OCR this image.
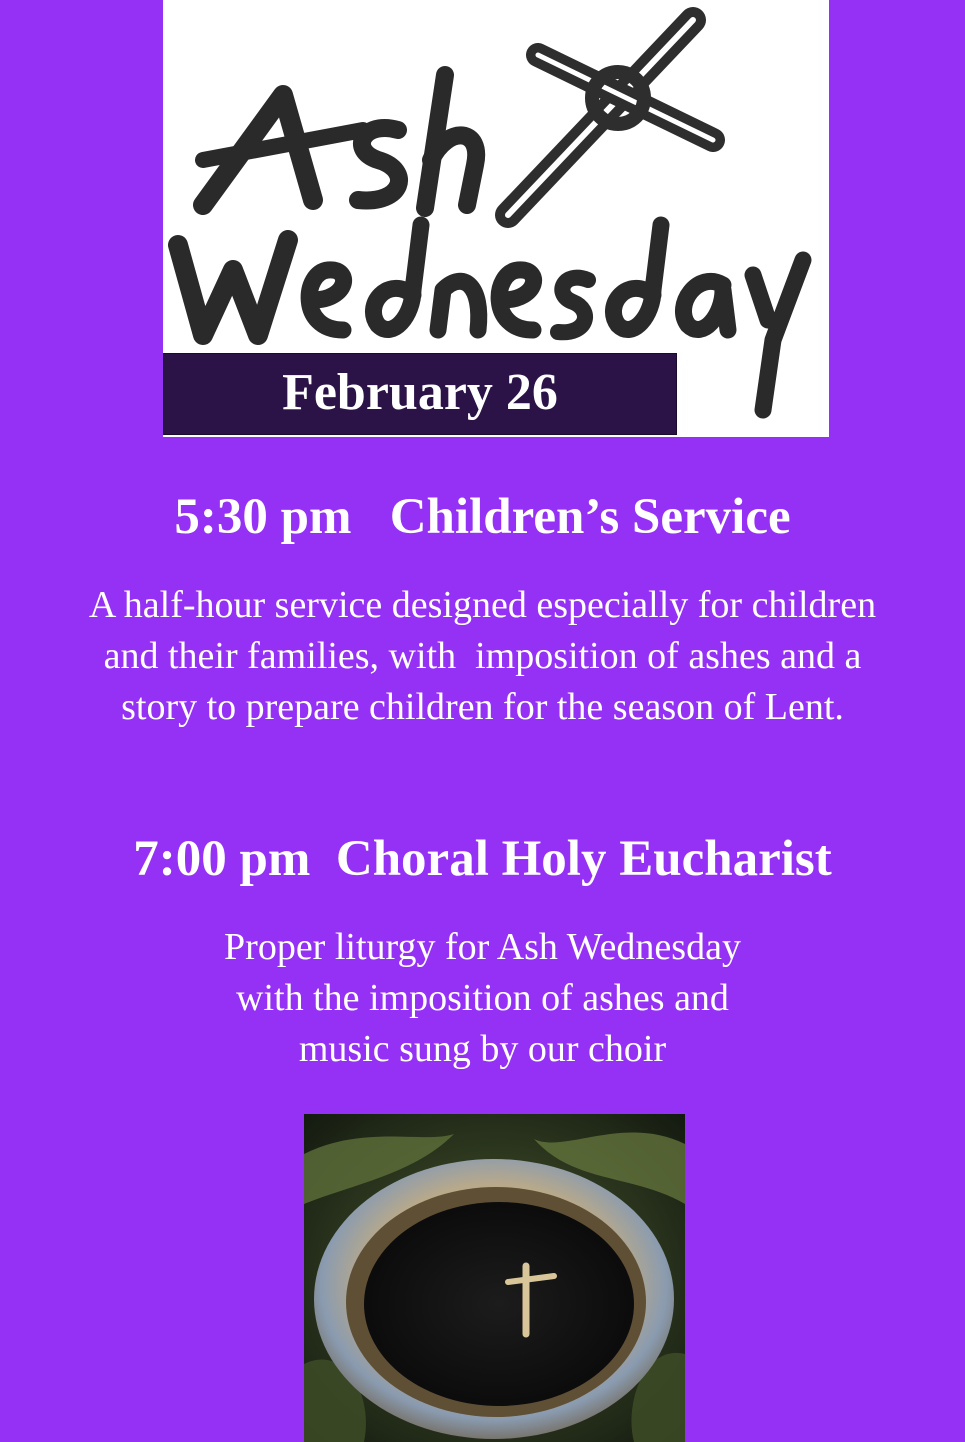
February 26
5:30 pm   Children’s Service
A half-hour service designed especially for children
and their families, with  imposition of ashes and a
story to prepare children for the season of Lent.
7:00 pm  Choral Holy Eucharist
Proper liturgy for Ash Wednesday
with the imposition of ashes and
music sung by our choir
